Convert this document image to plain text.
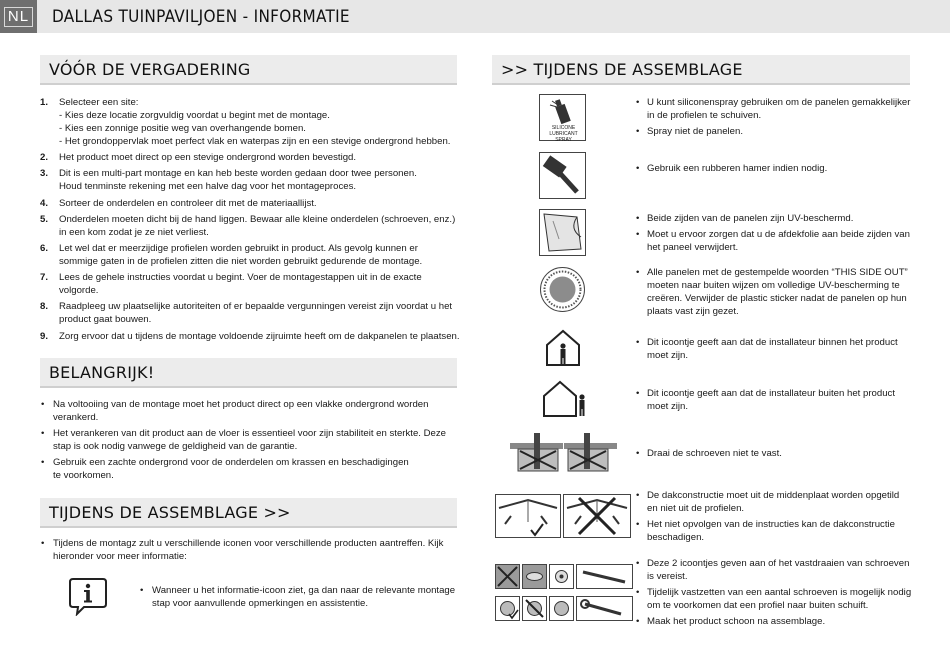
NL	DALLAS TUINPAVILJOEN - INFORMATIE
VÓÓR DE VERGADERING
1. Selecteer een site:
- Kies deze locatie zorgvuldig voordat u begint met de montage.
- Kies een zonnige positie weg van overhangende bomen.
- Het grondoppervlak moet perfect vlak en waterpas zijn en een stevige ondergrond hebben.
2. Het product moet direct op een stevige ondergrond worden bevestigd.
3. Dit is een multi-part montage en kan heb beste worden gedaan door twee personen.
Houd tenminste rekening met een halve dag voor het montageproces.
4. Sorteer de onderdelen en controleer dit met de materiaallijst.
5. Onderdelen moeten dicht bij de hand liggen. Bewaar alle kleine onderdelen (schroeven, enz.)
in een kom zodat je ze niet verliest.
6. Let wel dat er meerzijdige profielen worden gebruikt in product. Als gevolg kunnen er
sommige gaten in de profielen zitten die niet worden gebruikt gedurende de montage.
7. Lees de gehele instructies voordat u begint. Voer de montagestappen uit in de exacte volgorde.
8. Raadpleeg uw plaatselijke autoriteiten of er bepaalde vergunningen vereist zijn voordat u het
product gaat bouwen.
9. Zorg ervoor dat u tijdens de montage voldoende zijruimte heeft om de dakpanelen te plaatsen.
BELANGRIJK!
• Na voltooiing van de montage moet het product direct op een vlakke ondergrond worden
verankerd.
• Het verankeren van dit product aan de vloer is essentieel voor zijn stabiliteit en sterkte. Deze
stap is ook nodig vanwege de geldigheid van de garantie.
• Gebruik een zachte ondergrond voor de onderdelen om krassen en beschadigingen
te voorkomen.
TIJDENS DE ASSEMBLAGE >>
• Tijdens de montagz zult u verschillende iconen voor verschillende producten aantreffen. Kijk
hieronder voor meer informatie:
• Wanneer u het informatie-icoon ziet, ga dan naar de relevante montage
stap voor aanvullende opmerkingen en assistentie.
>> TIJDENS DE ASSEMBLAGE
SILICONE
LUBRICANT SPRAY
• U kunt siliconenspray gebruiken om de panelen gemakkelijker
in de profielen te schuiven.
• Spray niet de panelen.
• Gebruik een rubberen hamer indien nodig.
• Beide zijden van de panelen zijn UV-beschermd.
• Moet u ervoor zorgen dat u de afdekfolie aan beide zijden van
het paneel verwijdert.
• Alle panelen met de gestempelde woorden “THIS SIDE OUT”
moeten naar buiten wijzen om volledige UV-bescherming te
creëren. Verwijder de plastic sticker nadat de panelen op hun
plaats vast zijn gezet.
• Dit icoontje geeft aan dat de installateur binnen het product
moet zijn.
• Dit icoontje geeft aan dat de installateur buiten het product
moet zijn.
• Draai de schroeven niet te vast.
• De dakconstructie moet uit de middenplaat worden opgetild
en niet uit de profielen.
• Het niet opvolgen van de instructies kan de dakconstructie
beschadigen.
• Deze 2 icoontjes geven aan of het vastdraaien van schroeven
is vereist.
• Tijdelijk vastzetten van een aantal schroeven is mogelijk nodig
om te voorkomen dat een profiel naar buiten schuift.
• Maak het product schoon na assemblage.
